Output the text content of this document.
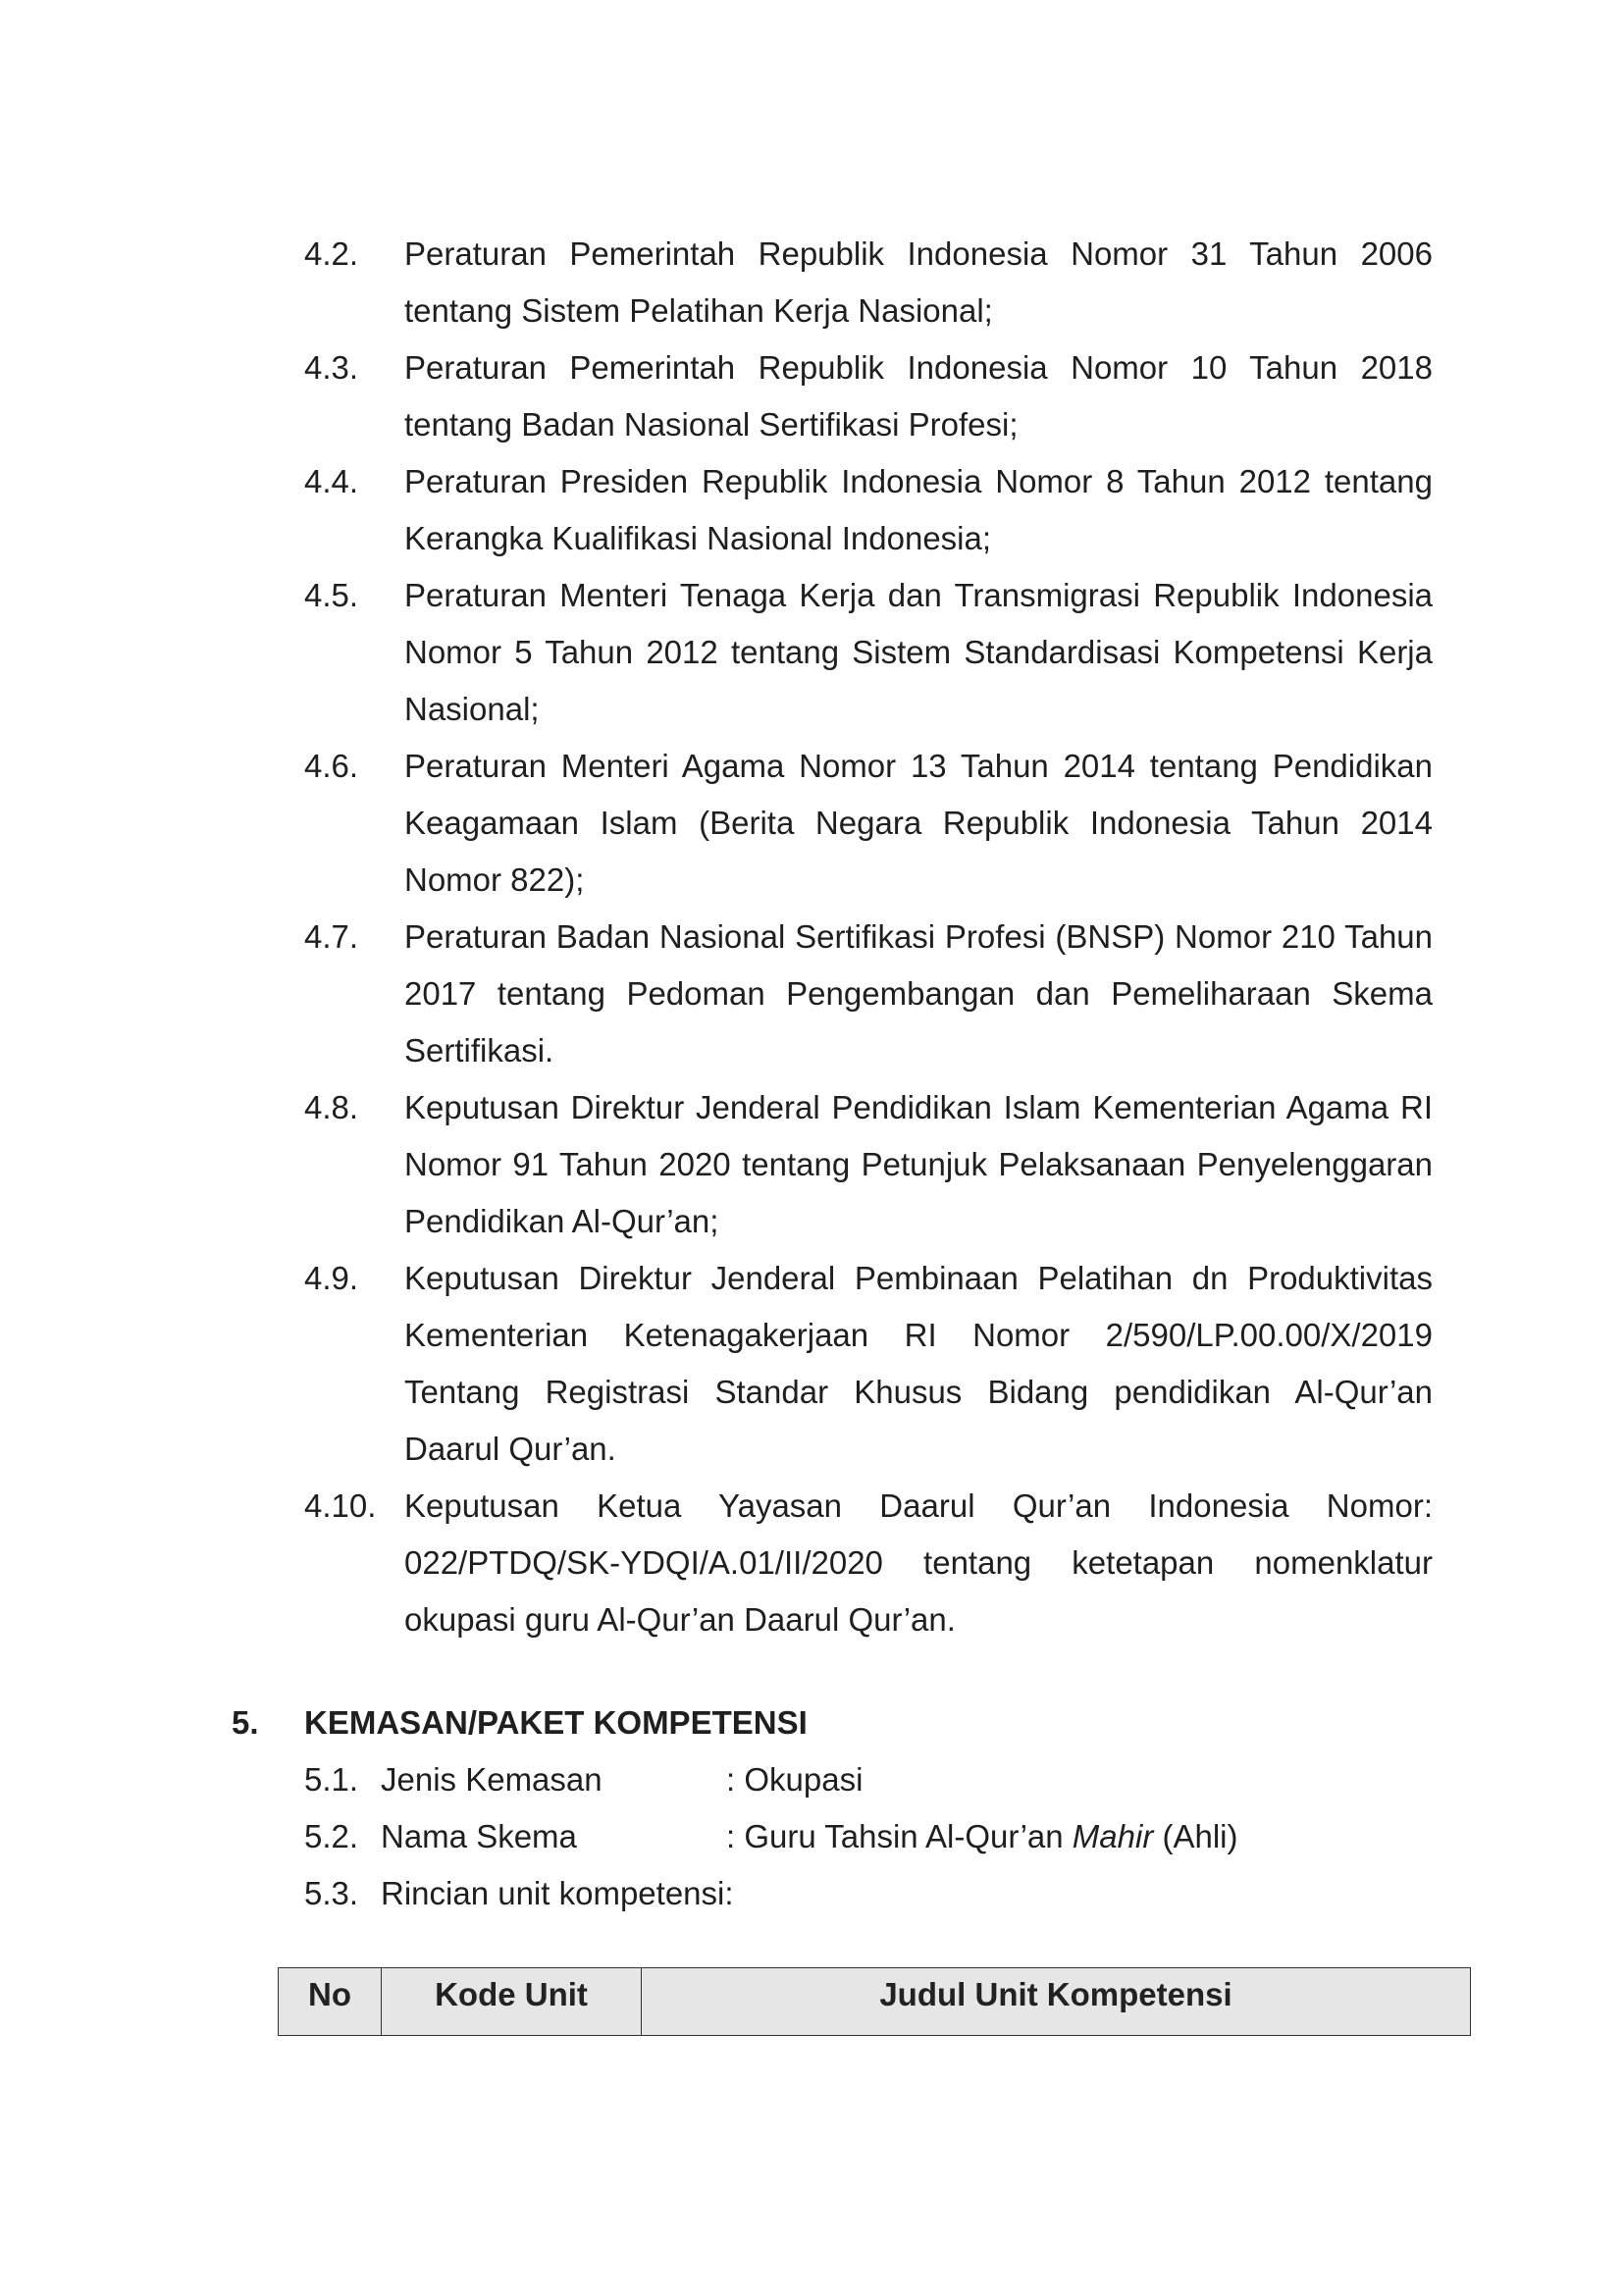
4.2.	Peraturan Pemerintah Republik Indonesia Nomor 31 Tahun 2006 tentang Sistem Pelatihan Kerja Nasional;
4.3.	Peraturan Pemerintah Republik Indonesia Nomor 10 Tahun 2018 tentang Badan Nasional Sertifikasi Profesi;
4.4.	Peraturan Presiden Republik Indonesia Nomor 8 Tahun 2012 tentang Kerangka Kualifikasi Nasional Indonesia;
4.5.	Peraturan Menteri Tenaga Kerja dan Transmigrasi Republik Indonesia Nomor 5 Tahun 2012 tentang Sistem Standardisasi Kompetensi Kerja Nasional;
4.6.	Peraturan Menteri Agama Nomor 13 Tahun 2014 tentang Pendidikan Keagamaan Islam (Berita Negara Republik Indonesia Tahun 2014 Nomor 822);
4.7.	Peraturan Badan Nasional Sertifikasi Profesi (BNSP) Nomor 210 Tahun 2017 tentang Pedoman Pengembangan dan Pemeliharaan Skema Sertifikasi.
4.8.	Keputusan Direktur Jenderal Pendidikan Islam Kementerian Agama RI Nomor 91 Tahun 2020 tentang Petunjuk Pelaksanaan Penyelenggaran Pendidikan Al-Qur’an;
4.9.	Keputusan Direktur Jenderal Pembinaan Pelatihan dn Produktivitas Kementerian Ketenagakerjaan RI Nomor 2/590/LP.00.00/X/2019 Tentang Registrasi Standar Khusus Bidang pendidikan Al-Qur’an Daarul Qur’an.
4.10. Keputusan Ketua Yayasan Daarul Qur’an Indonesia Nomor: 022/PTDQ/SK-YDQI/A.01/II/2020 tentang ketetapan nomenklatur okupasi guru Al-Qur’an Daarul Qur’an.
5.	KEMASAN/PAKET KOMPETENSI
5.1. Jenis Kemasan	: Okupasi
5.2. Nama Skema	: Guru Tahsin Al-Qur’an Mahir (Ahli)
5.3. Rincian unit kompetensi:
No	Kode Unit	Judul Unit Kompetensi
